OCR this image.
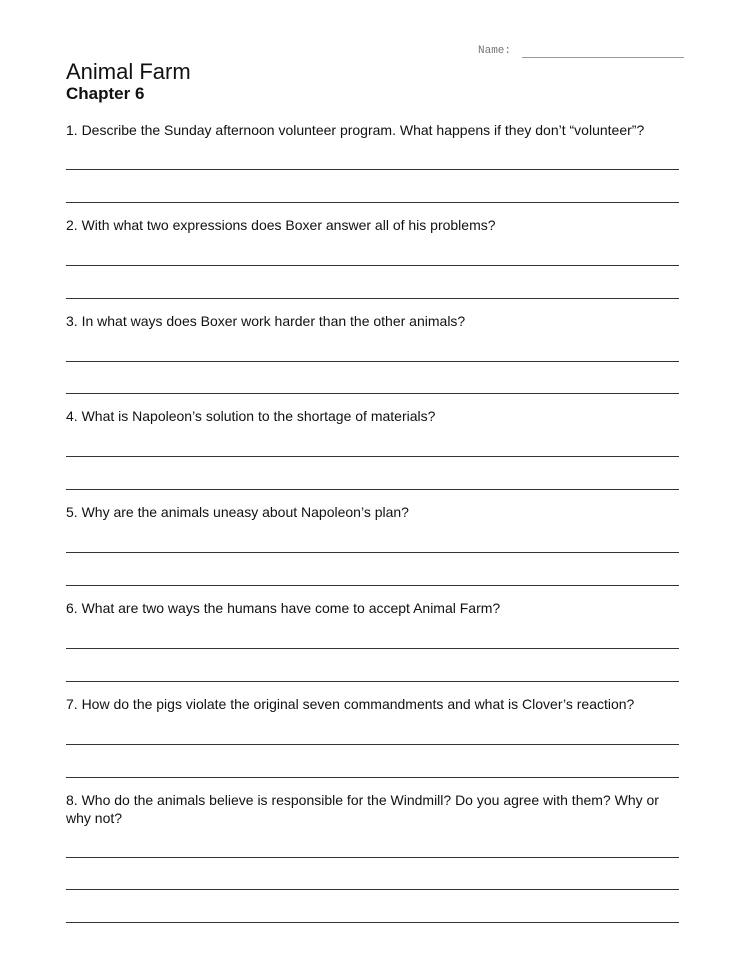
Name:
Animal Farm
Chapter 6
1. Describe the Sunday afternoon volunteer program. What happens if they don’t “volunteer”?
2. With what two expressions does Boxer answer all of his problems?
3. In what ways does Boxer work harder than the other animals?
4. What is Napoleon’s solution to the shortage of materials?
5. Why are the animals uneasy about Napoleon’s plan?
6. What are two ways the humans have come to accept Animal Farm?
7. How do the pigs violate the original seven commandments and what is Clover’s reaction?
8. Who do the animals believe is responsible for the Windmill? Do you agree with them? Why or why not?
